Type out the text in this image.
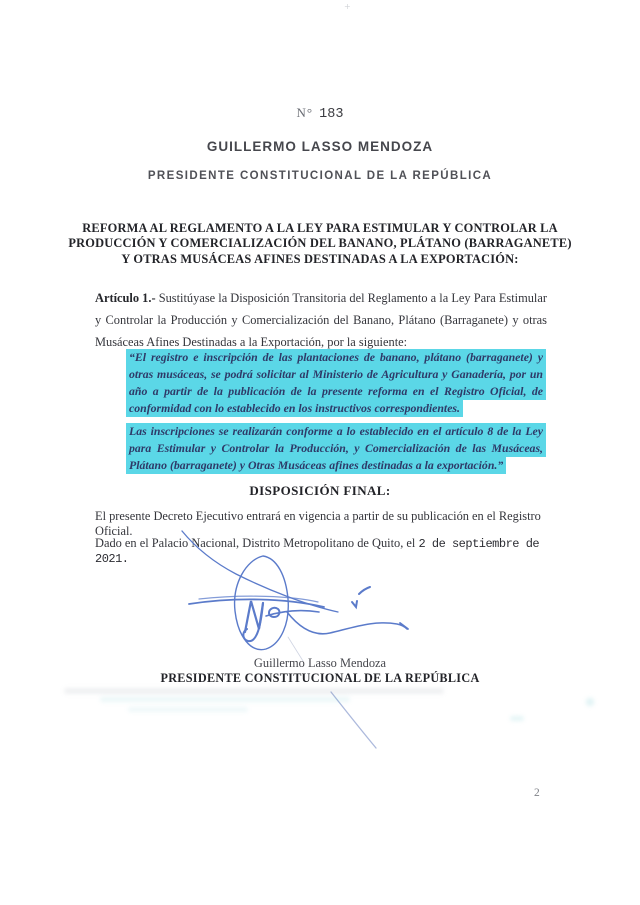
+
N° 183
GUILLERMO LASSO MENDOZA
PRESIDENTE CONSTITUCIONAL DE LA REPÚBLICA
REFORMA AL REGLAMENTO A LA LEY PARA ESTIMULAR Y CONTROLAR LA
PRODUCCIÓN Y COMERCIALIZACIÓN DEL BANANO, PLÁTANO (BARRAGANETE)
Y OTRAS MUSÁCEAS AFINES DESTINADAS A LA EXPORTACIÓN:

Artículo 1.- Sustitúyase la Disposición Transitoria del Reglamento a la Ley Para Estimular y Controlar la Producción y Comercialización del Banano, Plátano (Barraganete) y otras Musáceas Afines Destinadas a la Exportación, por la siguiente:

“El registro e inscripción de las plantaciones de banano, plátano (barraganete) y otras musáceas, se podrá solicitar al Ministerio de Agricultura y Ganadería, por un año a partir de la publicación de la presente reforma en el Registro Oficial, de conformidad con lo establecido en los instructivos correspondientes.

Las inscripciones se realizarán conforme a lo establecido en el artículo 8 de la Ley para Estimular y Controlar la Producción, y Comercialización de las Musáceas, Plátano (barraganete) y Otras Musáceas afines destinadas a la exportación.”

DISPOSICIÓN FINAL:

El presente Decreto Ejecutivo entrará en vigencia a partir de su publicación en el Registro Oficial.

Dado en el Palacio Nacional, Distrito Metropolitano de Quito, el 2 de septiembre de 2021.

Guillermo Lasso Mendoza
PRESIDENTE CONSTITUCIONAL DE LA REPÚBLICA
2
